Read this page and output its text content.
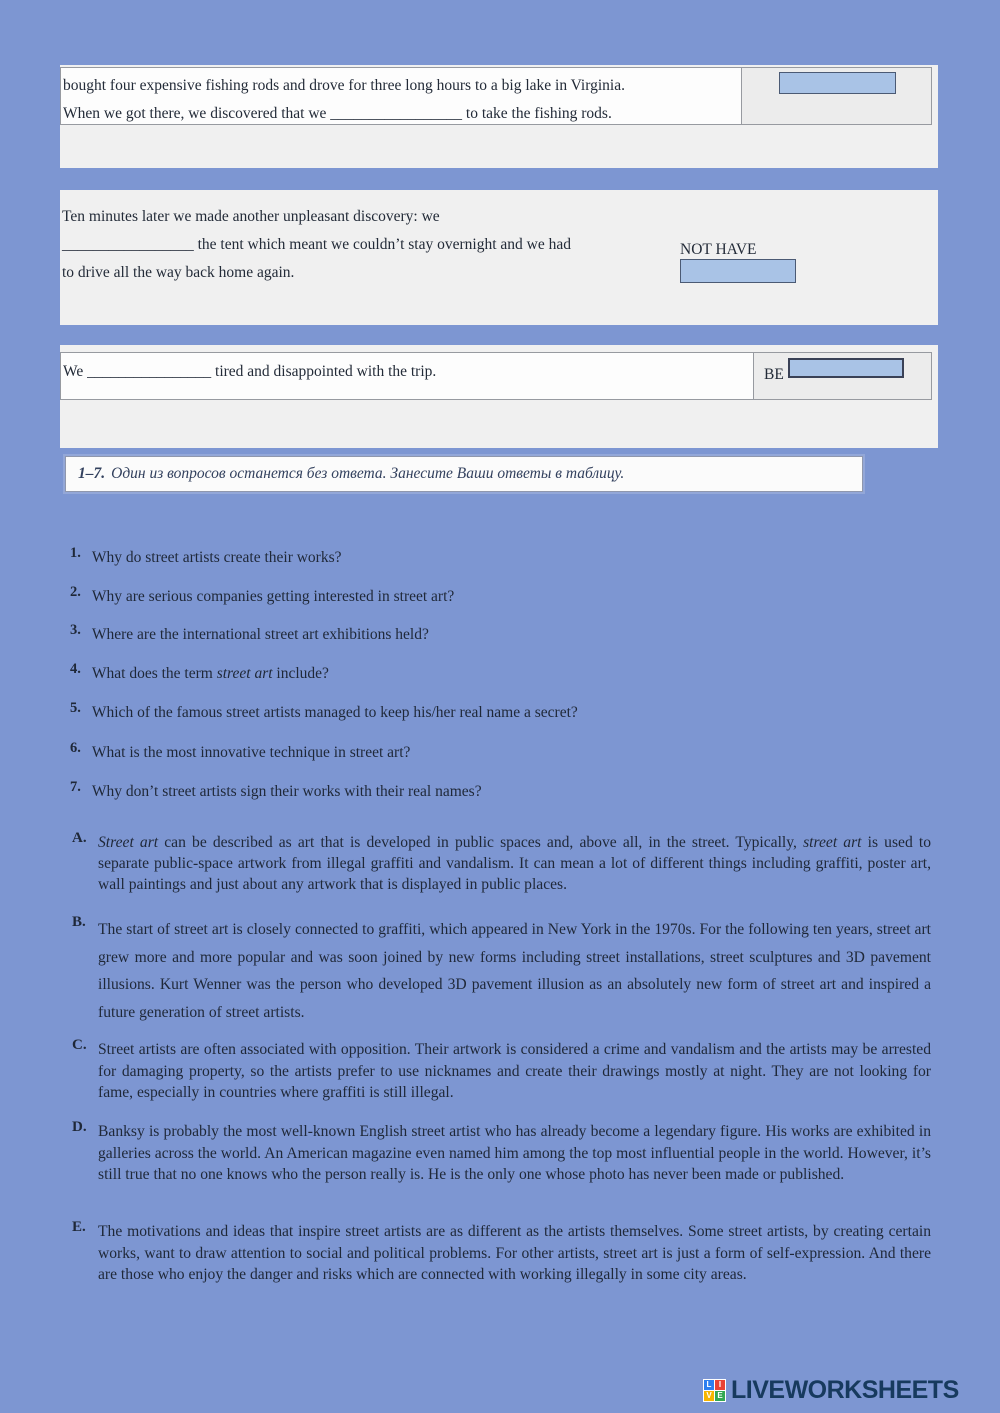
bought four expensive fishing rods and drove for three long hours to a big lake in Virginia.
When we got there, we discovered that we _________________ to take the fishing rods.
Ten minutes later we made another unpleasant discovery: we
_________________ the tent which meant we couldn’t stay overnight and we had
to drive all the way back home again.
NOT HAVE
We ________________ tired and disappointed with the trip.	BE
1–7. Один из вопросов останется без ответа. Занесите Ваши ответы в таблицу.
1. Why do street artists create their works?
2. Why are serious companies getting interested in street art?
3. Where are the international street art exhibitions held?
4. What does the term street art include?
5. Which of the famous street artists managed to keep his/her real name a secret?
6. What is the most innovative technique in street art?
7. Why don’t street artists sign their works with their real names?
A. Street art can be described as art that is developed in public spaces and, above all, in the street. Typically, street art is used to separate public-space artwork from illegal graffiti and vandalism. It can mean a lot of different things including graffiti, poster art, wall paintings and just about any artwork that is displayed in public places.
B. The start of street art is closely connected to graffiti, which appeared in New York in the 1970s. For the following ten years, street art grew more and more popular and was soon joined by new forms including street installations, street sculptures and 3D pavement illusions. Kurt Wenner was the person who developed 3D pavement illusion as an absolutely new form of street art and inspired a future generation of street artists.
C. Street artists are often associated with opposition. Their artwork is considered a crime and vandalism and the artists may be arrested for damaging property, so the artists prefer to use nicknames and create their drawings mostly at night. They are not looking for fame, especially in countries where graffiti is still illegal.
D. Banksy is probably the most well-known English street artist who has already become a legendary figure. His works are exhibited in galleries across the world. An American magazine even named him among the top most influential people in the world. However, it’s still true that no one knows who the person really is. He is the only one whose photo has never been made or published.
E. The motivations and ideas that inspire street artists are as different as the artists themselves. Some street artists, by creating certain works, want to draw attention to social and political problems. For other artists, street art is just a form of self-expression. And there are those who enjoy the danger and risks which are connected with working illegally in some city areas.
L I
V E LIVEWORKSHEETS
